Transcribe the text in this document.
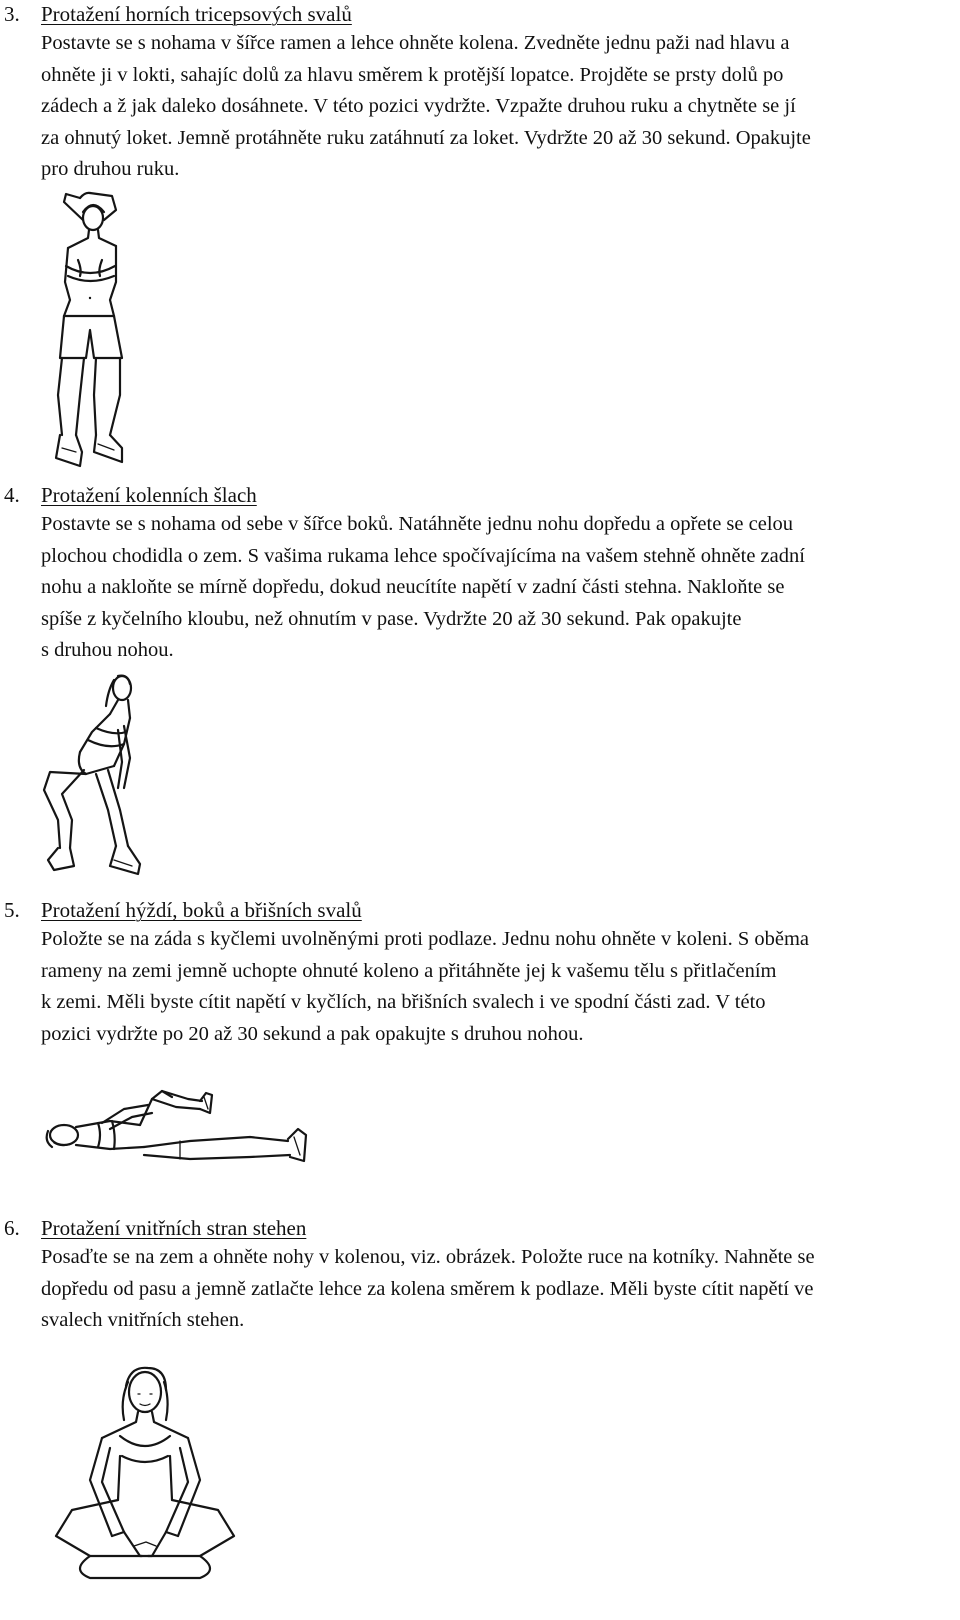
3. Protažení horních tricepsových svalů
Postavte se s nohama v šířce ramen a lehce ohněte kolena. Zvedněte jednu paži nad hlavu a
ohněte ji v lokti, sahajíc dolů za hlavu směrem k protější lopatce. Projděte se prsty dolů po
zádech a ž jak daleko dosáhnete. V této pozici vydržte. Vzpažte druhou ruku a chytněte se jí
za ohnutý loket. Jemně protáhněte ruku zatáhnutí za loket. Vydržte 20 až 30 sekund. Opakujte
pro druhou ruku.
4. Protažení kolenních šlach
Postavte se s nohama od sebe v šířce boků. Natáhněte jednu nohu dopředu a opřete se celou
plochou chodidla o zem. S vašima rukama lehce spočívajícíma na vašem stehně ohněte zadní
nohu a nakloňte se mírně dopředu, dokud neucítíte napětí v zadní části stehna. Nakloňte se
spíše z kyčelního kloubu, než ohnutím v pase. Vydržte 20 až 30 sekund. Pak opakujte
s druhou nohou.
5. Protažení hýždí, boků a břišních svalů
Položte se na záda s kyčlemi uvolněnými proti podlaze. Jednu nohu ohněte v koleni. S oběma
rameny na zemi jemně uchopte ohnuté koleno a přitáhněte jej k vašemu tělu s přitlačením
k zemi. Měli byste cítit napětí v kyčlích, na břišních svalech i ve spodní části zad. V této
pozici vydržte po 20 až 30 sekund a pak opakujte s druhou nohou.
6. Protažení vnitřních stran stehen
Posaďte se na zem a ohněte nohy v kolenou, viz. obrázek. Položte ruce na kotníky. Nahněte se
dopředu od pasu a jemně zatlačte lehce za kolena směrem k podlaze. Měli byste cítit napětí ve
svalech vnitřních stehen.
